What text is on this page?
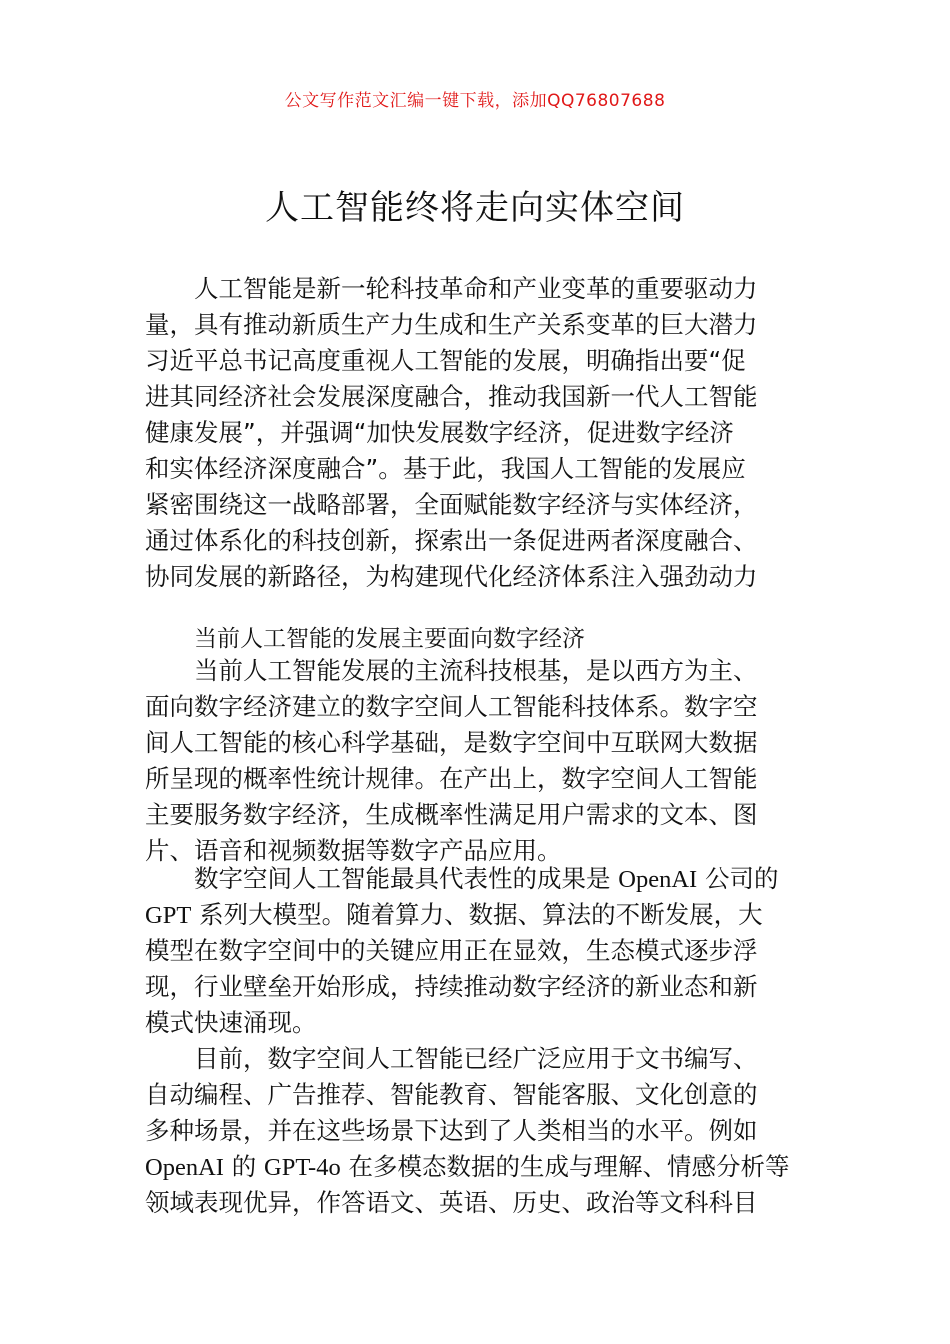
公文写作范文汇编一键下载，添加QQ76807688
人工智能终将走向实体空间
人工智能是新一轮科技革命和产业变革的重要驱动力
量，具有推动新质生产力生成和生产关系变革的巨大潜力
习近平总书记高度重视人工智能的发展，明确指出要“促
进其同经济社会发展深度融合，推动我国新一代人工智能
健康发展”，并强调“加快发展数字经济，促进数字经济
和实体经济深度融合”。基于此，我国人工智能的发展应
紧密围绕这一战略部署，全面赋能数字经济与实体经济，
通过体系化的科技创新，探索出一条促进两者深度融合、
协同发展的新路径，为构建现代化经济体系注入强劲动力
当前人工智能的发展主要面向数字经济
当前人工智能发展的主流科技根基，是以西方为主、
面向数字经济建立的数字空间人工智能科技体系。数字空
间人工智能的核心科学基础，是数字空间中互联网大数据
所呈现的概率性统计规律。在产出上，数字空间人工智能
主要服务数字经济，生成概率性满足用户需求的文本、图
片、语音和视频数据等数字产品应用。
数字空间人工智能最具代表性的成果是 OpenAI 公司的
GPT 系列大模型。随着算力、数据、算法的不断发展，大
模型在数字空间中的关键应用正在显效，生态模式逐步浮
现，行业壁垒开始形成，持续推动数字经济的新业态和新
模式快速涌现。
目前，数字空间人工智能已经广泛应用于文书编写、
自动编程、广告推荐、智能教育、智能客服、文化创意的
多种场景，并在这些场景下达到了人类相当的水平。例如
OpenAI 的 GPT-4o 在多模态数据的生成与理解、情感分析等
领域表现优异，作答语文、英语、历史、政治等文科科目
